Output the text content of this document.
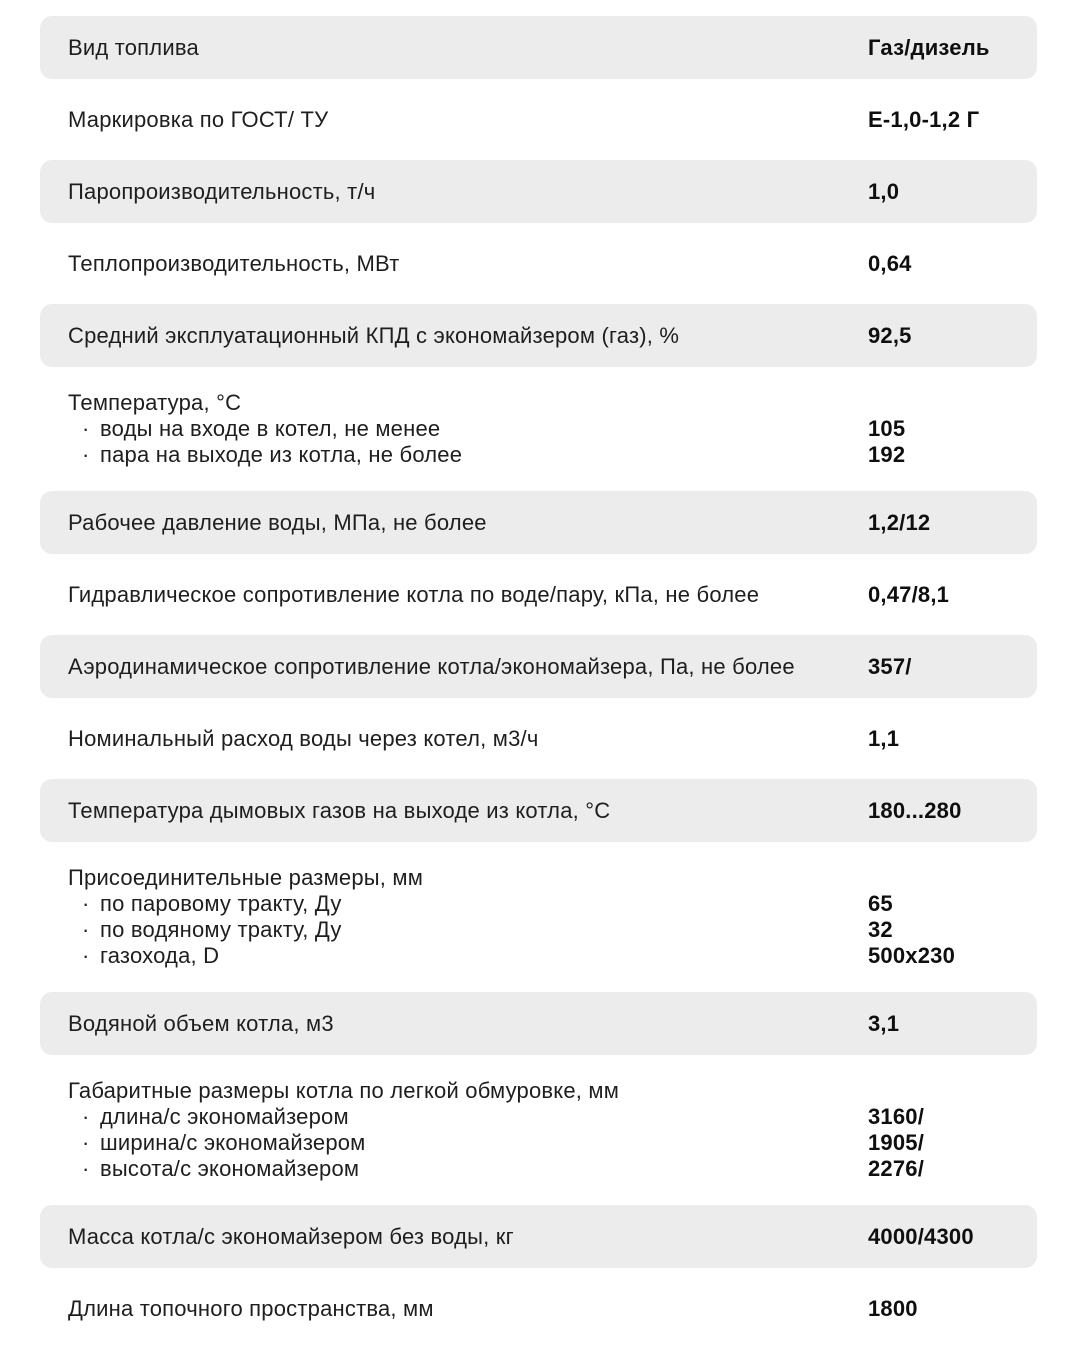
Вид топлива	Газ/дизель
Маркировка по ГОСТ/ ТУ	Е-1,0-1,2 Г
Паропроизводительность, т/ч	1,0
Теплопроизводительность, МВт	0,64
Средний эксплуатационный КПД с экономайзером (газ), %	92,5
Температура, °С
· воды на входе в котел, не менее	105
· пара на выходе из котла, не более	192
Рабочее давление воды, МПа, не более	1,2/12
Гидравлическое сопротивление котла по воде/пару, кПа, не более	0,47/8,1
Аэродинамическое сопротивление котла/экономайзера, Па, не более	357/
Номинальный расход воды через котел, м3/ч	1,1
Температура дымовых газов на выходе из котла, °С	180...280
Присоединительные размеры, мм
· по паровому тракту, Ду	65
· по водяному тракту, Ду	32
· газохода, D	500x230
Водяной объем котла, м3	3,1
Габаритные размеры котла по легкой обмуровке, мм
· длина/с экономайзером	3160/
· ширина/с экономайзером	1905/
· высота/с экономайзером	2276/
Масса котла/с экономайзером без воды, кг	4000/4300
Длина топочного пространства, мм	1800
